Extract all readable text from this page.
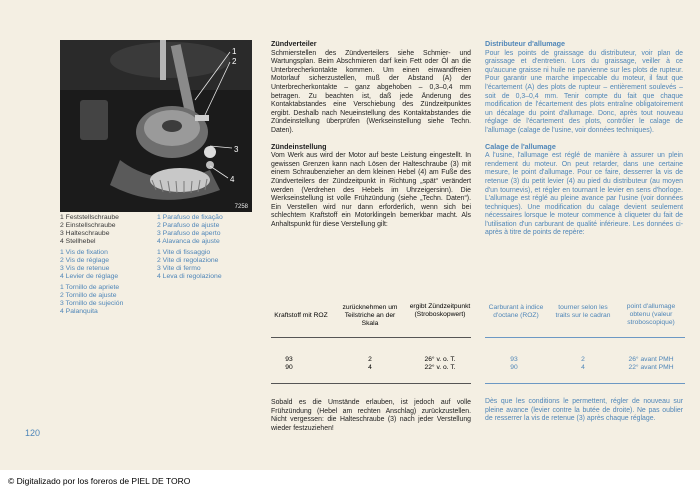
1
2
3
4
7258
1 Feststellschraube
2 Einstellschraube
3 Halteschraube
4 Stellhebel
1 Parafuso de fixação
2 Parafuso de ajuste
3 Parafuso de aperto
4 Alavanca de ajuste
1 Vis de fixation
2 Vis de réglage
3 Vis de retenue
4 Levier de réglage
1 Vite di fissaggio
2 Vite di regolazione
3 Vite di fermo
4 Leva di regolazione
1 Tornillo de apriete
2 Tornillo de ajuste
3 Tornillo de sujeción
4 Palanquita
Zündverteiler

Schmierstellen des Zündverteilers siehe Schmier- und Wartungsplan. Beim Abschmieren darf kein Fett oder Öl an die Unterbrecherkontakte kommen. Um einen einwandfreien Motorlauf sicherzustellen, muß der Abstand (A) der Unterbrecherkontakte – ganz abgehoben – 0,3–0,4 mm betragen. Zu beachten ist, daß jede Änderung des Kontaktabstandes eine Verschiebung des Zündzeitpunktes ergibt. Deshalb nach Neueinstellung des Kontaktabstandes die Zündeinstellung überprüfen (Werkseinstellung siehe Techn. Daten).

Zündeinstellung

Vom Werk aus wird der Motor auf beste Leistung eingestellt. In gewissen Grenzen kann nach Lösen der Halteschraube (3) mit einem Schraubenzieher an dem kleinen Hebel (4) am Fuße des Zündverteilers der Zündzeitpunkt in Richtung „spät“ verändert werden (Verdrehen des Hebels im Uhrzeigersinn). Die Werkseinstellung ist volle Frühzündung (siehe „Techn. Daten“). Ein Verstellen wird nur dann erforderlich, wenn sich bei schlechtem Kraftstoff ein Motorklingeln bemerkbar macht. Als Anhaltspunkt für diese Verstellung gilt:

Distributeur d'allumage

Pour les points de graissage du distributeur, voir plan de graissage et d'entretien. Lors du graissage, veiller à ce qu'aucune graisse ni huile ne parvienne sur les plots de rupteur. Pour garantir une marche impeccable du moteur, il faut que l'écartement (A) des plots de rupteur – entièrement soulevés – soit de 0,3–0,4 mm. Tenir compte du fait que chaque modification de l'écartement des plots entraîne obligatoirement un décalage du point d'allumage. Donc, après tout nouveau réglage de l'écartement des plots, contrôler le calage de l'allumage (calage de l'usine, voir données techniques).

Calage de l'allumage

A l'usine, l'allumage est réglé de manière à assurer un plein rendement du moteur. On peut retarder, dans une certaine mesure, le point d'allumage. Pour ce faire, desserrer la vis de retenue (3) du petit levier (4) au pied du distributeur (au moyen d'un tournevis), et régler en tournant le levier en sens d'horloge. L'allumage est réglé au pleine avance par l'usine (voir données techniques). Une modification du calage devient seulement nécessaires lorsque le moteur commence à cliqueter du fait de l'utilisation d'un carburant de qualité inférieure. Les données ci-après à titre de points de repère:

Kraftstoff mit ROZ
zurücknehmen um Teilstriche an der Skala
ergibt Zündzeitpunkt (Stroboskopwert)
93	2	26° v. o. T.
90	4	22° v. o. T.
Carburant à indice d'octane (ROZ)
tourner selon les traits sur le cadran
point d'allumage obtenu (valeur stroboscopique)
93	2	26° avant PMH
90	4	22° avant PMH

Sobald es die Umstände erlauben, ist jedoch auf volle Frühzündung (Hebel am rechten Anschlag) zurückzustellen. Nicht vergessen: die Halteschraube (3) nach jeder Verstellung wieder festzuziehen!

Dès que les conditions le permettent, régler de nouveau sur pleine avance (levier contre la butée de droite). Ne pas oublier de resserrer la vis de retenue (3) après chaque réglage.

120
© Digitalizado por los foreros de PIEL DE TORO
